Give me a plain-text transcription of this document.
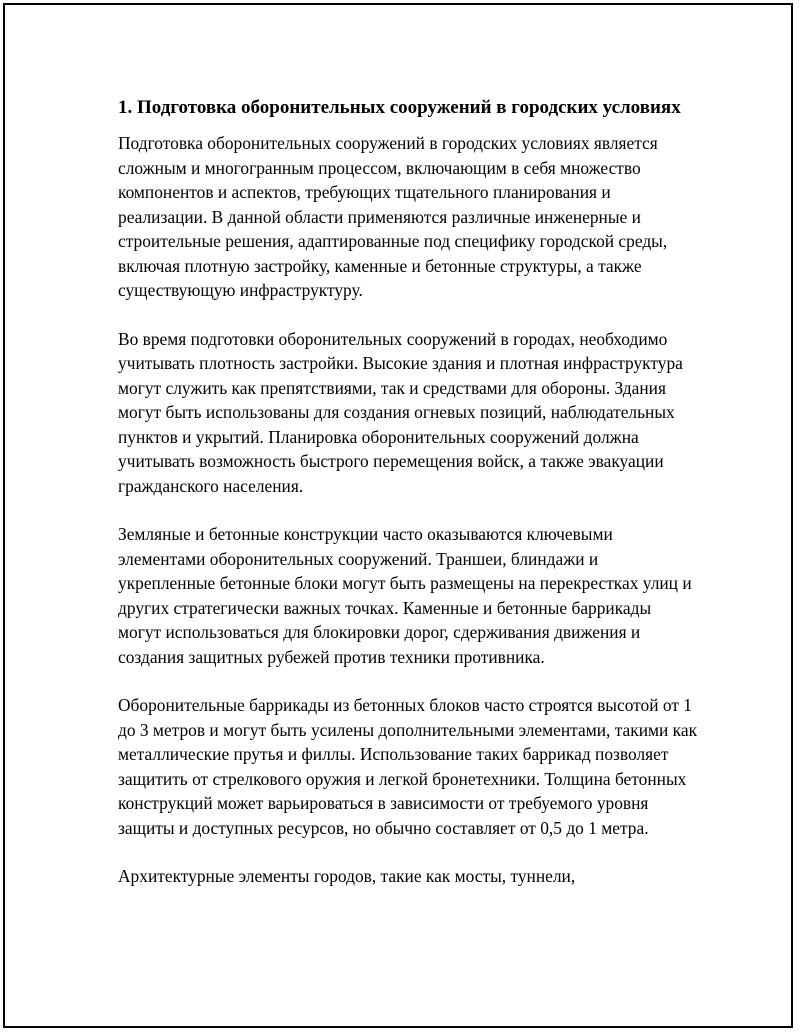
1. Подготовка оборонительных сооружений в городских условиях

Подготовка оборонительных сооружений в городских условиях является сложным и многогранным процессом, включающим в себя множество компонентов и аспектов, требующих тщательного планирования и реализации. В данной области применяются различные инженерные и строительные решения, адаптированные под специфику городской среды, включая плотную застройку, каменные и бетонные структуры, а также существующую инфраструктуру.

Во время подготовки оборонительных сооружений в городах, необходимо учитывать плотность застройки. Высокие здания и плотная инфраструктура могут служить как препятствиями, так и средствами для обороны. Здания могут быть использованы для создания огневых позиций, наблюдательных пунктов и укрытий. Планировка оборонительных сооружений должна учитывать возможность быстрого перемещения войск, а также эвакуации гражданского населения.

Земляные и бетонные конструкции часто оказываются ключевыми элементами оборонительных сооружений. Траншеи, блиндажи и укрепленные бетонные блоки могут быть размещены на перекрестках улиц и других стратегически важных точках. Каменные и бетонные баррикады могут использоваться для блокировки дорог, сдерживания движения и создания защитных рубежей против техники противника.

Оборонительные баррикады из бетонных блоков часто строятся высотой от 1 до 3 метров и могут быть усилены дополнительными элементами, такими как металлические прутья и филлы. Использование таких баррикад позволяет защитить от стрелкового оружия и легкой бронетехники. Толщина бетонных конструкций может варьироваться в зависимости от требуемого уровня защиты и доступных ресурсов, но обычно составляет от 0,5 до 1 метра.

Архитектурные элементы городов, такие как мосты, туннели,
